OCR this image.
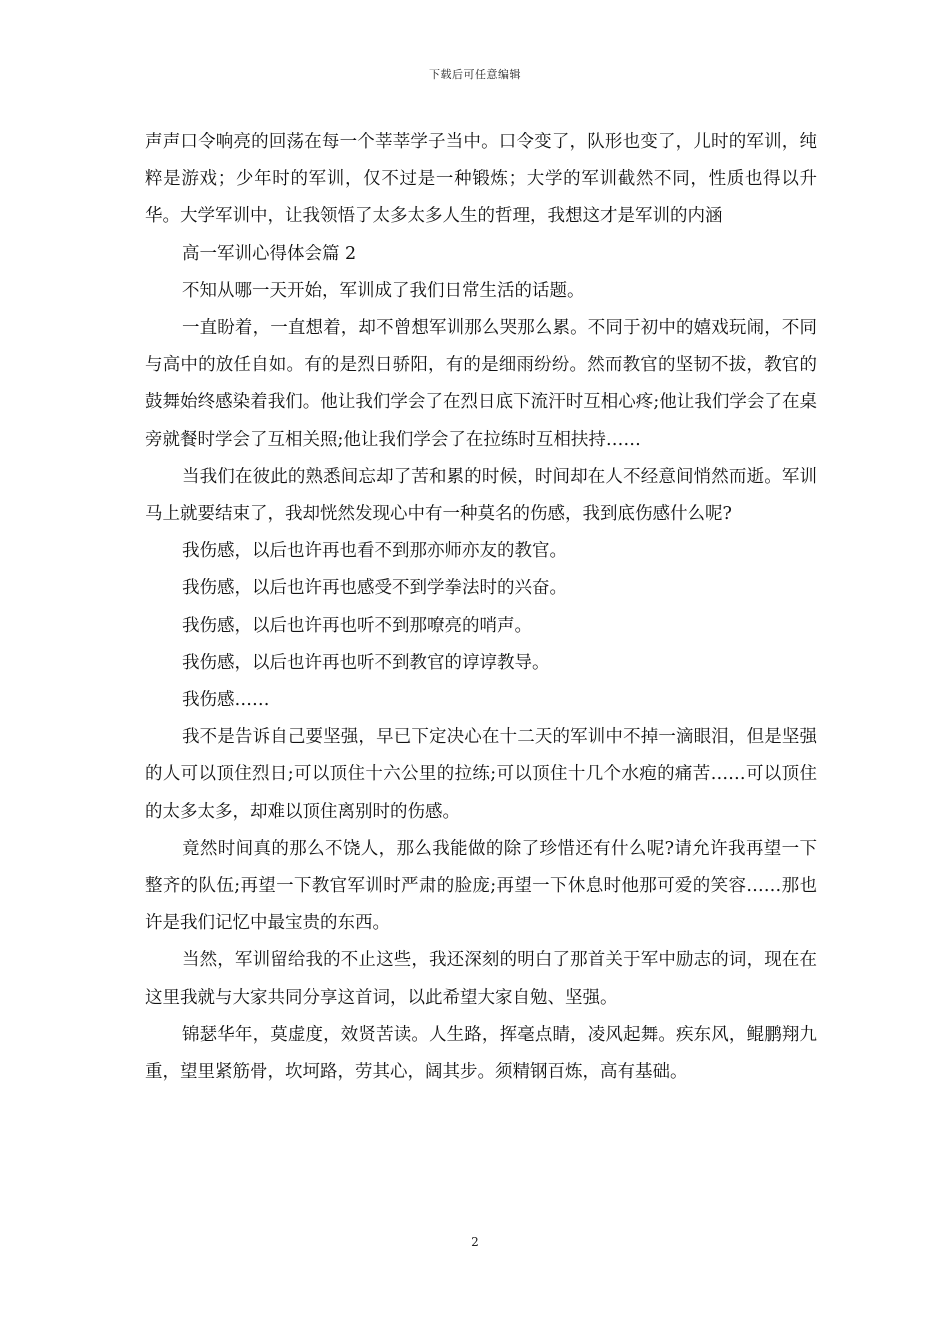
下载后可任意编辑

声声口令响亮的回荡在每一个莘莘学子当中。口令变了，队形也变了，儿时的军训，纯粹是游戏；少年时的军训，仅不过是一种锻炼；大学的军训截然不同，性质也得以升华。大学军训中，让我领悟了太多太多人生的哲理，我想这才是军训的内涵

高一军训心得体会篇 2

不知从哪一天开始，军训成了我们日常生活的话题。

一直盼着，一直想着，却不曾想军训那么哭那么累。不同于初中的嬉戏玩闹，不同与高中的放任自如。有的是烈日骄阳，有的是细雨纷纷。然而教官的坚韧不拔，教官的鼓舞始终感染着我们。他让我们学会了在烈日底下流汗时互相心疼;他让我们学会了在桌旁就餐时学会了互相关照;他让我们学会了在拉练时互相扶持……

当我们在彼此的熟悉间忘却了苦和累的时候，时间却在人不经意间悄然而逝。军训马上就要结束了，我却恍然发现心中有一种莫名的伤感，我到底伤感什么呢?

我伤感，以后也许再也看不到那亦师亦友的教官。

我伤感，以后也许再也感受不到学拳法时的兴奋。

我伤感，以后也许再也听不到那嘹亮的哨声。

我伤感，以后也许再也听不到教官的谆谆教导。

我伤感……

我不是告诉自己要坚强，早已下定决心在十二天的军训中不掉一滴眼泪，但是坚强的人可以顶住烈日;可以顶住十六公里的拉练;可以顶住十几个水疱的痛苦……可以顶住的太多太多，却难以顶住离别时的伤感。

竟然时间真的那么不饶人，那么我能做的除了珍惜还有什么呢?请允许我再望一下整齐的队伍;再望一下教官军训时严肃的脸庞;再望一下休息时他那可爱的笑容……那也许是我们记忆中最宝贵的东西。

当然，军训留给我的不止这些，我还深刻的明白了那首关于军中励志的词，现在在这里我就与大家共同分享这首词，以此希望大家自勉、坚强。

锦瑟华年，莫虚度，效贤苦读。人生路，挥毫点睛，凌风起舞。疾东风，鲲鹏翔九重，望里紧筋骨，坎坷路，劳其心，阔其步。须精钢百炼，高有基础。

2
